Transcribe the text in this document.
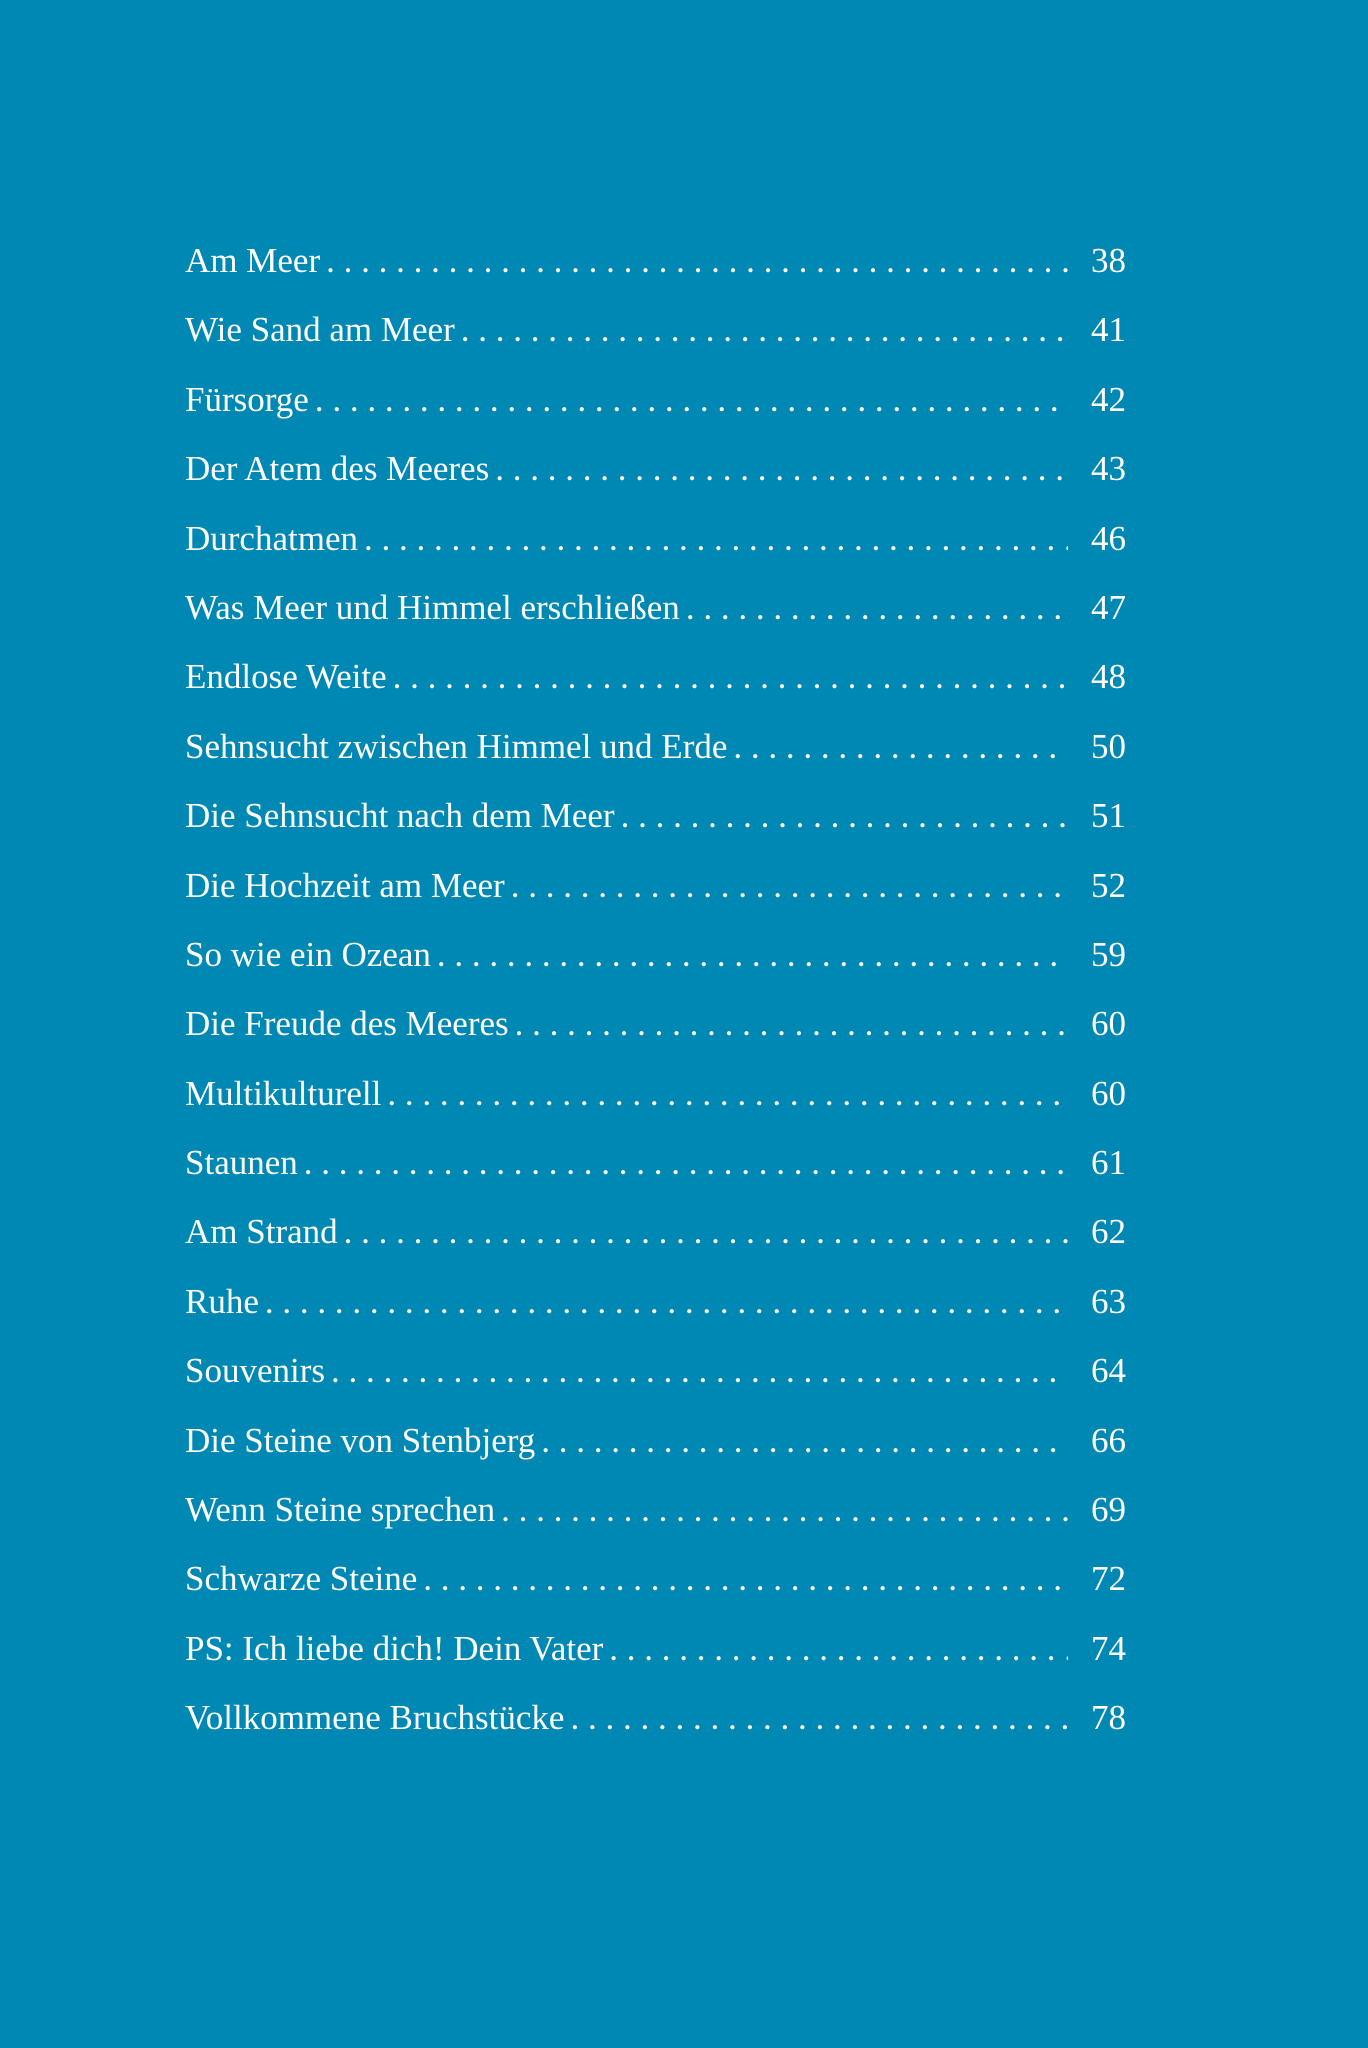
Am Meer . . .	38
Wie Sand am Meer . . .	41
Fürsorge . . .	42
Der Atem des Meeres . . .	43
Durchatmen . . .	46
Was Meer und Himmel erschließen . . .	47
Endlose Weite . . .	48
Sehnsucht zwischen Himmel und Erde . . .	50
Die Sehnsucht nach dem Meer . . .	51
Die Hochzeit am Meer . . .	52
So wie ein Ozean . . .	59
Die Freude des Meeres . . .	60
Multikulturell . . .	60
Staunen . . .	61
Am Strand . . .	62
Ruhe . . .	63
Souvenirs . . .	64
Die Steine von Stenbjerg . . .	66
Wenn Steine sprechen . . .	69
Schwarze Steine . . .	72
PS: Ich liebe dich! Dein Vater . . .	74
Vollkommene Bruchstücke . . .	78
